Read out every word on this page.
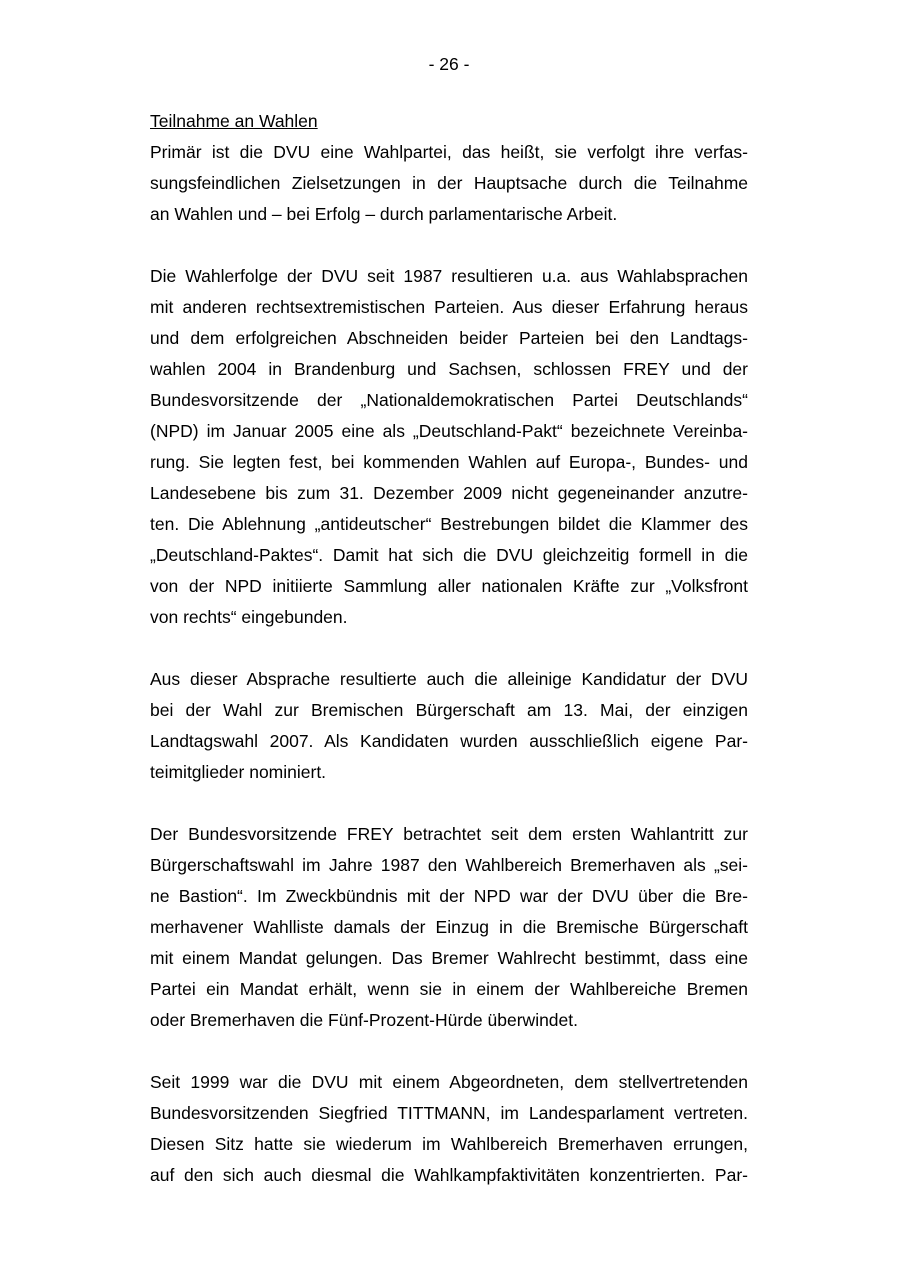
- 26 -

Teilnahme an Wahlen

Primär ist die DVU eine Wahlpartei, das heißt, sie verfolgt ihre verfas-
sungsfeindlichen Zielsetzungen in der Hauptsache durch die Teilnahme
an Wahlen und – bei Erfolg – durch parlamentarische Arbeit.

Die Wahlerfolge der DVU seit 1987 resultieren u.a. aus Wahlabsprachen
mit anderen rechtsextremistischen Parteien. Aus dieser Erfahrung heraus
und dem erfolgreichen Abschneiden beider Parteien bei den Landtags-
wahlen 2004 in Brandenburg und Sachsen, schlossen FREY und der
Bundesvorsitzende der „Nationaldemokratischen Partei Deutschlands“
(NPD) im Januar 2005 eine als „Deutschland-Pakt“ bezeichnete Vereinba-
rung. Sie legten fest, bei kommenden Wahlen auf Europa-, Bundes- und
Landesebene bis zum 31. Dezember 2009 nicht gegeneinander anzutre-
ten. Die Ablehnung „antideutscher“ Bestrebungen bildet die Klammer des
„Deutschland-Paktes“. Damit hat sich die DVU gleichzeitig formell in die
von der NPD initiierte Sammlung aller nationalen Kräfte zur „Volksfront
von rechts“ eingebunden.

Aus dieser Absprache resultierte auch die alleinige Kandidatur der DVU
bei der Wahl zur Bremischen Bürgerschaft am 13. Mai, der einzigen
Landtagswahl 2007. Als Kandidaten wurden ausschließlich eigene Par-
teimitglieder nominiert.

Der Bundesvorsitzende FREY betrachtet seit dem ersten Wahlantritt zur
Bürgerschaftswahl im Jahre 1987 den Wahlbereich Bremerhaven als „sei-
ne Bastion“. Im Zweckbündnis mit der NPD war der DVU über die Bre-
merhavener Wahlliste damals der Einzug in die Bremische Bürgerschaft
mit einem Mandat gelungen. Das Bremer Wahlrecht bestimmt, dass eine
Partei ein Mandat erhält, wenn sie in einem der Wahlbereiche Bremen
oder Bremerhaven die Fünf-Prozent-Hürde überwindet.

Seit 1999 war die DVU mit einem Abgeordneten, dem stellvertretenden
Bundesvorsitzenden Siegfried TITTMANN, im Landesparlament vertreten.
Diesen Sitz hatte sie wiederum im Wahlbereich Bremerhaven errungen,
auf den sich auch diesmal die Wahlkampfaktivitäten konzentrierten. Par-
